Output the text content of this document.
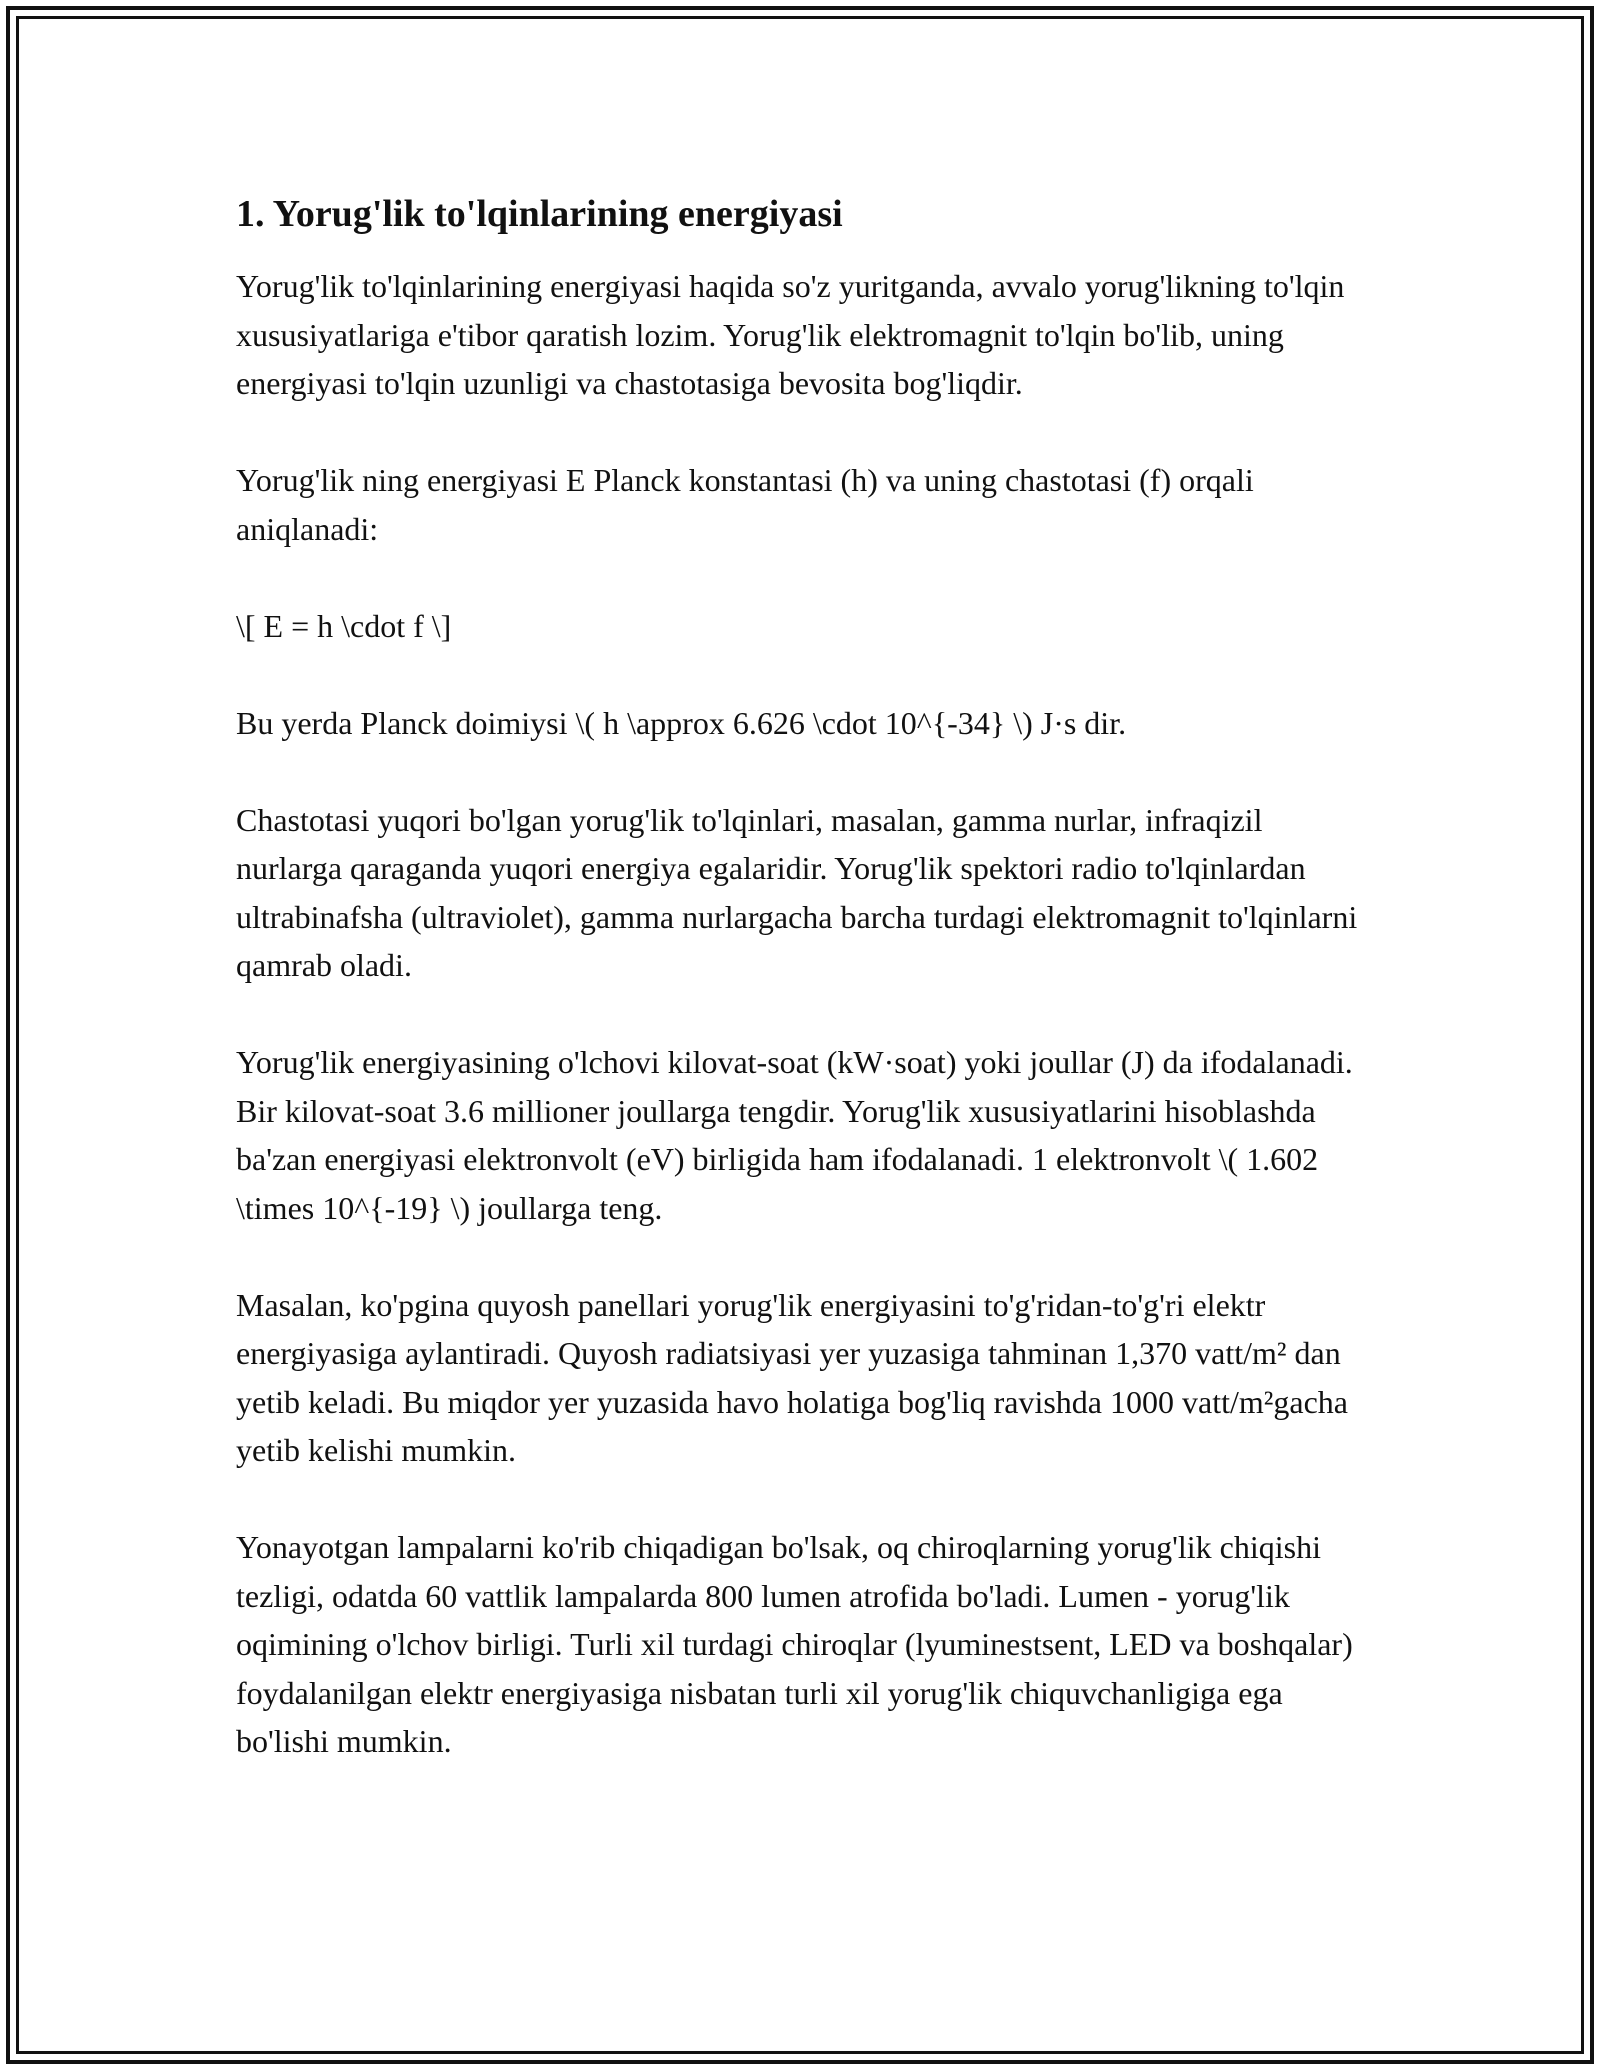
1. Yorug'lik to'lqinlarining energiyasi

Yorug'lik to'lqinlarining energiyasi haqida so'z yuritganda, avvalo yorug'likning to'lqin xususiyatlariga e'tibor qaratish lozim. Yorug'lik elektromagnit to'lqin bo'lib, uning energiyasi to'lqin uzunligi va chastotasiga bevosita bog'liqdir.

Yorug'lik ning energiyasi E Planck konstantasi (h) va uning chastotasi (f) orqali aniqlanadi:

\[ E = h \cdot f \]

Bu yerda Planck doimiysi \( h \approx 6.626 \cdot 10^{-34} \) J·s dir.

Chastotasi yuqori bo'lgan yorug'lik to'lqinlari, masalan, gamma nurlar, infraqizil nurlarga qaraganda yuqori energiya egalaridir. Yorug'lik spektori radio to'lqinlardan ultrabinafsha (ultraviolet), gamma nurlargacha barcha turdagi elektromagnit to'lqinlarni qamrab oladi.

Yorug'lik energiyasining o'lchovi kilovat-soat (kW·soat) yoki joullar (J) da ifodalanadi. Bir kilovat-soat 3.6 millioner joullarga tengdir. Yorug'lik xususiyatlarini hisoblashda ba'zan energiyasi elektronvolt (eV) birligida ham ifodalanadi. 1 elektronvolt \( 1.602 \times 10^{-19} \) joullarga teng.

Masalan, ko'pgina quyosh panellari yorug'lik energiyasini to'g'ridan-to'g'ri elektr energiyasiga aylantiradi. Quyosh radiatsiyasi yer yuzasiga tahminan 1,370 vatt/m² dan yetib keladi. Bu miqdor yer yuzasida havo holatiga bog'liq ravishda 1000 vatt/m²gacha yetib kelishi mumkin.

Yonayotgan lampalarni ko'rib chiqadigan bo'lsak, oq chiroqlarning yorug'lik chiqishi tezligi, odatda 60 vattlik lampalarda 800 lumen atrofida bo'ladi. Lumen - yorug'lik oqimining o'lchov birligi. Turli xil turdagi chiroqlar (lyuminestsent, LED va boshqalar) foydalanilgan elektr energiyasiga nisbatan turli xil yorug'lik chiquvchanligiga ega bo'lishi mumkin.
